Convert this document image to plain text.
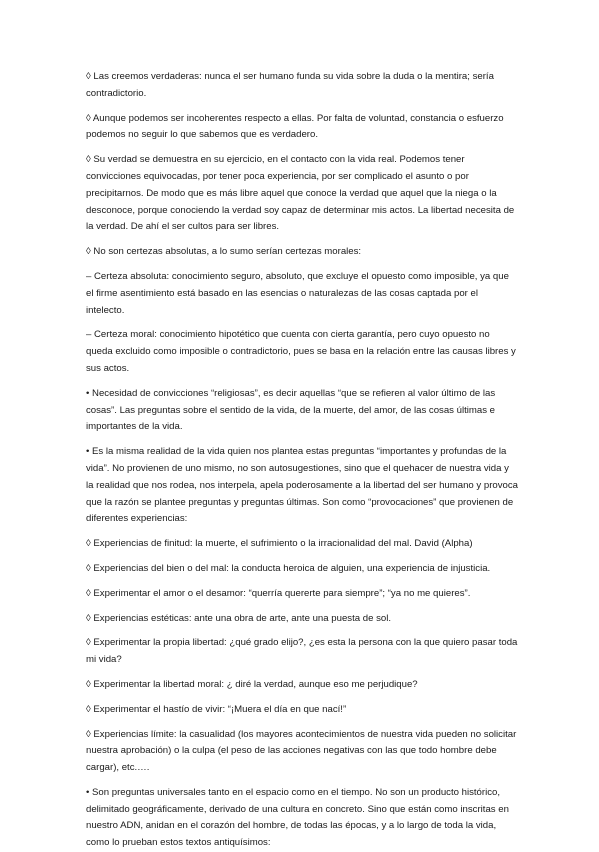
◊ Las creemos verdaderas: nunca el ser humano funda su vida sobre la duda o la mentira; sería contradictorio.

◊ Aunque podemos ser incoherentes respecto a ellas. Por falta de voluntad, constancia o esfuerzo podemos no seguir lo que sabemos que es verdadero.

◊ Su verdad se demuestra en su ejercicio, en el contacto con la vida real. Podemos tener convicciones equivocadas, por tener poca experiencia, por ser complicado el asunto o por precipitarnos. De modo que es más libre aquel que conoce la verdad que aquel que la niega o la desconoce, porque conociendo la verdad soy capaz de determinar mis actos. La libertad necesita de la verdad. De ahí el ser cultos para ser libres.

◊ No son certezas absolutas, a lo sumo serían certezas morales:

– Certeza absoluta: conocimiento seguro, absoluto, que excluye el opuesto como imposible, ya que el firme asentimiento está basado en las esencias o naturalezas de las cosas captada por el intelecto.

– Certeza moral: conocimiento hipotético que cuenta con cierta garantía, pero cuyo opuesto no queda excluido como imposible o contradictorio, pues se basa en la relación entre las causas libres y sus actos.

• Necesidad de convicciones “religiosas”, es decir aquellas “que se refieren al valor último de las cosas”. Las preguntas sobre el sentido de la vida, de la muerte, del amor, de las cosas últimas e importantes de la vida.

• Es la misma realidad de la vida quien nos plantea estas preguntas “importantes y profundas de la vida”. No provienen de uno mismo, no son autosugestiones, sino que el quehacer de nuestra vida y la realidad que nos rodea, nos interpela, apela poderosamente a la libertad del ser humano y provoca que la razón se plantee preguntas y preguntas últimas. Son como “provocaciones” que provienen de diferentes experiencias:

◊ Experiencias de finitud: la muerte, el sufrimiento o la irracionalidad del mal. David (Alpha)

◊ Experiencias del bien o del mal: la conducta heroica de alguien, una experiencia de injusticia.

◊ Experimentar el amor o el desamor: “querría quererte para siempre”; “ya no me quieres”.

◊ Experiencias estéticas: ante una obra de arte, ante una puesta de sol.

◊ Experimentar la propia libertad: ¿qué grado elijo?, ¿es esta la persona con la que quiero pasar toda mi vida?

◊ Experimentar la libertad moral: ¿ diré la verdad, aunque eso me perjudique?

◊ Experimentar el hastío de vivir: “¡Muera el día en que nací!”

◊ Experiencias límite: la casualidad (los mayores acontecimientos de nuestra vida pueden no solicitar nuestra aprobación) o la culpa (el peso de las acciones negativas con las que todo hombre debe cargar), etc.….

• Son preguntas universales tanto en el espacio como en el tiempo. No son un producto histórico, delimitado geográficamente, derivado de una cultura en concreto. Sino que están como inscritas en nuestro ADN, anidan en el corazón del hombre, de todas las épocas, y a lo largo de toda la vida, como lo prueban estos textos antiquísimos:
